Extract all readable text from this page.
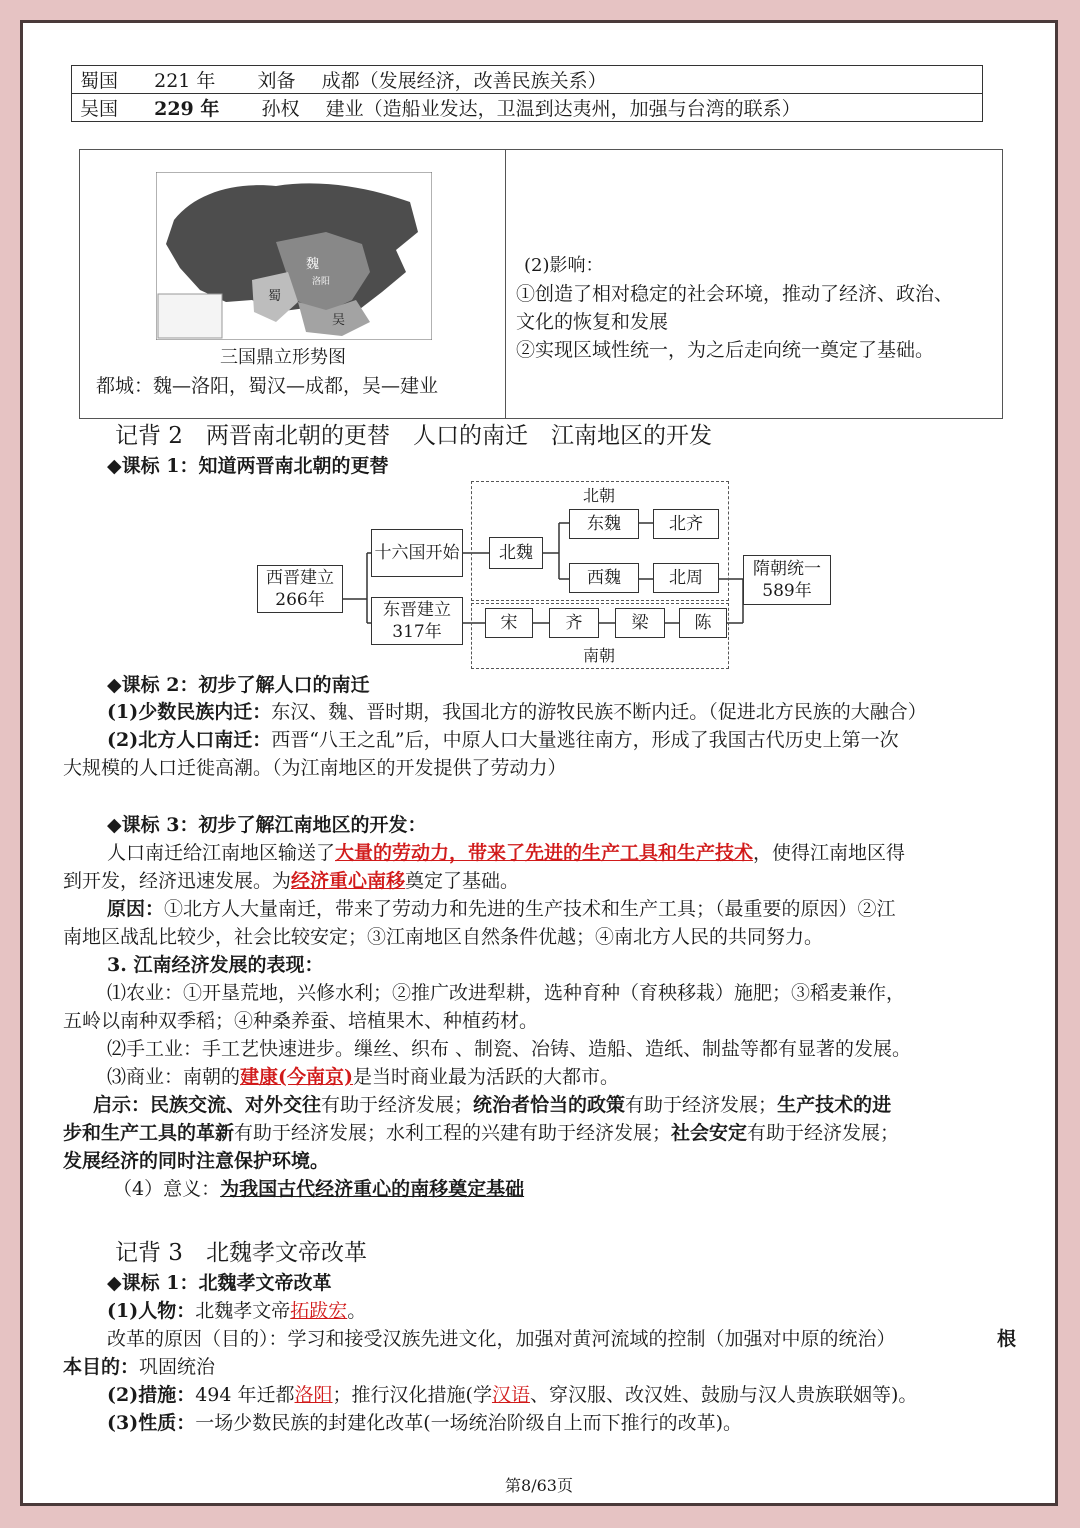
蜀国 221 年 刘备 成都（发展经济，改善民族关系）
吴国 229 年 孙权 建业（造船业发达，卫温到达夷州，加强与台湾的联系）
魏
蜀
吴
洛阳
三国鼎立形势图
都城：魏—洛阳，蜀汉—成都，吴—建业
(2)影响：
①创造了相对稳定的社会环境，推动了经济、政治、
文化的恢复和发展
②实现区域性统一，为之后走向统一奠定了基础。
记背 2　两晋南北朝的更替　人口的南迁　江南地区的开发
◆课标 1：知道两晋南北朝的更替
北朝
南朝
西晋建立
266年
十六国开始	北魏
东晋建立
317年
东魏	北齐
西魏	北周
宋	齐	梁	陈
隋朝统一
589年
◆课标 2：初步了解人口的南迁
(1)少数民族内迁：东汉、魏、晋时期，我国北方的游牧民族不断内迁。（促进北方民族的大融合）
(2)北方人口南迁：西晋“八王之乱”后，中原人口大量逃往南方，形成了我国古代历史上第一次
大规模的人口迁徙高潮。（为江南地区的开发提供了劳动力）
◆课标 3：初步了解江南地区的开发：
人口南迁给江南地区输送了大量的劳动力，带来了先进的生产工具和生产技术，使得江南地区得
到开发，经济迅速发展。为经济重心南移奠定了基础。
原因：①北方人大量南迁，带来了劳动力和先进的生产技术和生产工具；（最重要的原因）②江
南地区战乱比较少，社会比较安定；③江南地区自然条件优越；④南北方人民的共同努力。
3. 江南经济发展的表现：
⑴农业：①开垦荒地，兴修水利；②推广改进犁耕，选种育种（育秧移栽）施肥；③稻麦兼作，
五岭以南种双季稻；④种桑养蚕、培植果木、种植药材。
⑵手工业：手工艺快速进步。缫丝、织布 、制瓷、冶铸、造船、造纸、制盐等都有显著的发展。
⑶商业：南朝的建康(今南京)是当时商业最为活跃的大都市。
启示：民族交流、对外交往有助于经济发展；统治者恰当的政策有助于经济发展；生产技术的进
步和生产工具的革新有助于经济发展；水利工程的兴建有助于经济发展；社会安定有助于经济发展；
发展经济的同时注意保护环境。
（4）意义：为我国古代经济重心的南移奠定基础
记背 3　北魏孝文帝改革
◆课标 1：北魏孝文帝改革
(1)人物：北魏孝文帝拓跋宏。
改革的原因（目的）：学习和接受汉族先进文化，加强对黄河流域的控制（加强对中原的统治）	根
本目的：巩固统治
(2)措施：494 年迁都洛阳；推行汉化措施(学汉语、穿汉服、改汉姓、鼓励与汉人贵族联姻等)。
(3)性质：一场少数民族的封建化改革(一场统治阶级自上而下推行的改革)。
第8/63页
